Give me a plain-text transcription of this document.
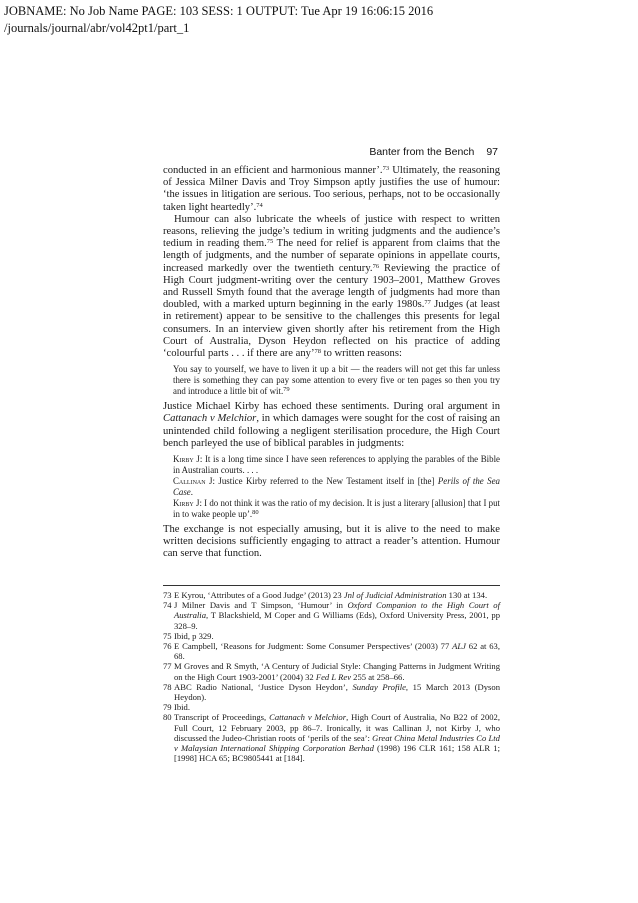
JOBNAME: No Job Name PAGE: 103 SESS: 1 OUTPUT: Tue Apr 19 16:06:15 2016
/journals/journal/abr/vol42pt1/part_1
Banter from the Bench 97

conducted in an efficient and harmonious manner’.$^{73}$ Ultimately, the reasoning of Jessica Milner Davis and Troy Simpson aptly justifies the use of humour: ‘the issues in litigation are serious. Too serious, perhaps, not to be occasionally taken light heartedly’.$^{74}$

Humour can also lubricate the wheels of justice with respect to written reasons, relieving the judge’s tedium in writing judgments and the audience’s tedium in reading them.$^{75}$ The need for relief is apparent from claims that the length of judgments, and the number of separate opinions in appellate courts, increased markedly over the twentieth century.$^{76}$ Reviewing the practice of High Court judgment-writing over the century 1903–2001, Matthew Groves and Russell Smyth found that the average length of judgments had more than doubled, with a marked upturn beginning in the early 1980s.$^{77}$ Judges (at least in retirement) appear to be sensitive to the challenges this presents for legal consumers. In an interview given shortly after his retirement from the High Court of Australia, Dyson Heydon reflected on his practice of adding ‘colourful parts . . . if there are any’$^{78}$ to written reasons:

You say to yourself, we have to liven it up a bit — the readers will not get this far unless there is something they can pay some attention to every five or ten pages so then you try and introduce a little bit of wit.$^{79}$

Justice Michael Kirby has echoed these sentiments. During oral argument in Cattanach v Melchior, in which damages were sought for the cost of raising an unintended child following a negligent sterilisation procedure, the High Court bench parleyed the use of biblical parables in judgments:

Kirby J: It is a long time since I have seen references to applying the parables of the Bible in Australian courts. . . .
Callinan J: Justice Kirby referred to the New Testament itself in [the] Perils of the Sea Case.
Kirby J: I do not think it was the ratio of my decision. It is just a literary [allusion] that I put in to wake people up’.$^{80}$

The exchange is not especially amusing, but it is alive to the need to make written decisions sufficiently engaging to attract a reader’s attention. Humour can serve that function.

73 E Kyrou, ‘Attributes of a Good Judge’ (2013) 23 Jnl of Judicial Administration 130 at 134.
74 J Milner Davis and T Simpson, ‘Humour’ in Oxford Companion to the High Court of Australia, T Blackshield, M Coper and G Williams (Eds), Oxford University Press, 2001, pp 328–9.
75 Ibid, p 329.
76 E Campbell, ‘Reasons for Judgment: Some Consumer Perspectives’ (2003) 77 ALJ 62 at 63, 68.
77 M Groves and R Smyth, ‘A Century of Judicial Style: Changing Patterns in Judgment Writing on the High Court 1903-2001’ (2004) 32 Fed L Rev 255 at 258–66.
78 ABC Radio National, ‘Justice Dyson Heydon’, Sunday Profile, 15 March 2013 (Dyson Heydon).
79 Ibid.
80 Transcript of Proceedings, Cattanach v Melchior, High Court of Australia, No B22 of 2002, Full Court, 12 February 2003, pp 86–7. Ironically, it was Callinan J, not Kirby J, who discussed the Judeo-Christian roots of ‘perils of the sea’: Great China Metal Industries Co Ltd v Malaysian International Shipping Corporation Berhad (1998) 196 CLR 161; 158 ALR 1; [1998] HCA 65; BC9805441 at [184].
